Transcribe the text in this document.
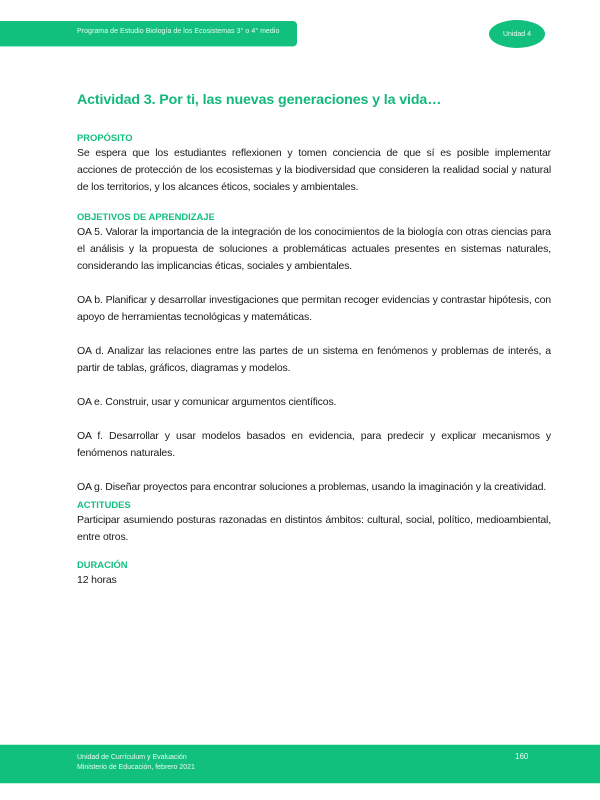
Programa de Estudio Biología de los Ecosistemas 3° o 4° medio	Unidad 4
Actividad 3. Por ti, las nuevas generaciones y la vida…
PROPÓSITO

Se espera que los estudiantes reflexionen y tomen conciencia de que sí es posible implementar acciones de protección de los ecosistemas y la biodiversidad que consideren la realidad social y natural de los territorios, y los alcances éticos, sociales y ambientales.

OBJETIVOS DE APRENDIZAJE

OA 5. Valorar la importancia de la integración de los conocimientos de la biología con otras ciencias para el análisis y la propuesta de soluciones a problemáticas actuales presentes en sistemas naturales, considerando las implicancias éticas, sociales y ambientales.

OA b. Planificar y desarrollar investigaciones que permitan recoger evidencias y contrastar hipótesis, con apoyo de herramientas tecnológicas y matemáticas.

OA d. Analizar las relaciones entre las partes de un sistema en fenómenos y problemas de interés, a partir de tablas, gráficos, diagramas y modelos.

OA e. Construir, usar y comunicar argumentos científicos.

OA f. Desarrollar y usar modelos basados en evidencia, para predecir y explicar mecanismos y fenómenos naturales.

OA g. Diseñar proyectos para encontrar soluciones a problemas, usando la imaginación y la creatividad.

ACTITUDES

Participar asumiendo posturas razonadas en distintos ámbitos: cultural, social, político, medioambiental, entre otros.

DURACIÓN

12 horas

Unidad de Currículum y Evaluación
Ministerio de Educación, febrero 2021
160
